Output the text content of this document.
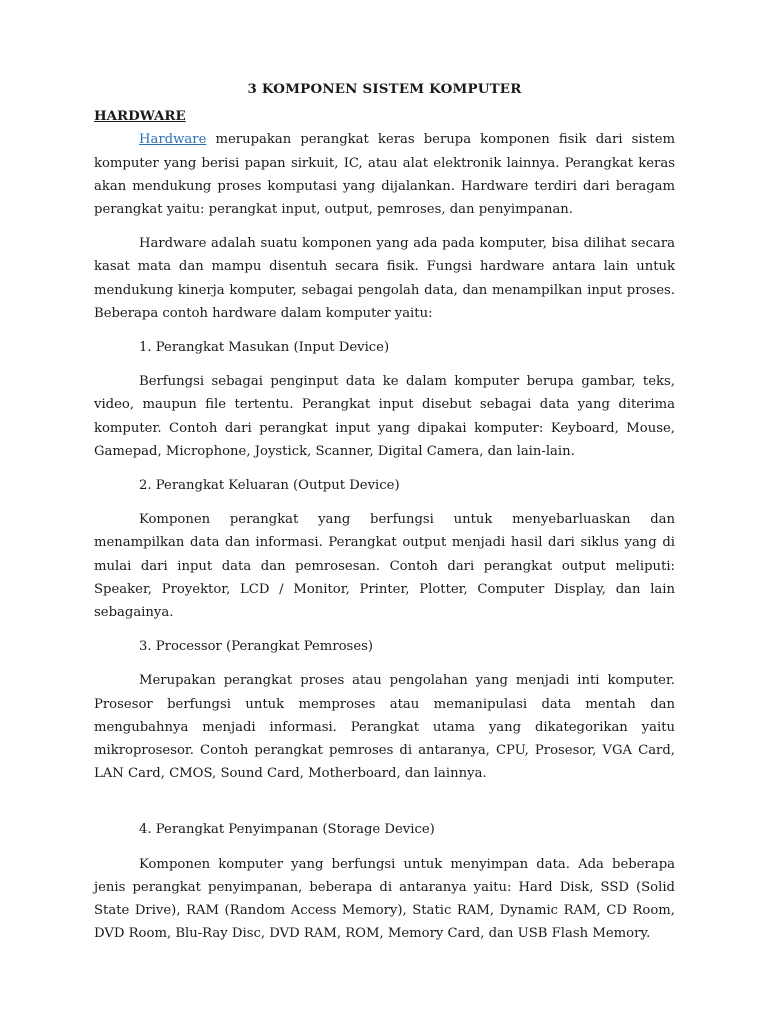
3 KOMPONEN SISTEM KOMPUTER
HARDWARE

Hardware merupakan perangkat keras berupa komponen fisik dari sistem komputer yang berisi papan sirkuit, IC, atau alat elektronik lainnya. Perangkat keras akan mendukung proses komputasi yang dijalankan. Hardware terdiri dari beragam perangkat yaitu: perangkat input, output, pemroses, dan penyimpanan.

Hardware adalah suatu komponen yang ada pada komputer, bisa dilihat secara kasat mata dan mampu disentuh secara fisik. Fungsi hardware antara lain untuk mendukung kinerja komputer, sebagai pengolah data, dan menampilkan input proses. Beberapa contoh hardware dalam komputer yaitu:

1. Perangkat Masukan (Input Device)

Berfungsi sebagai penginput data ke dalam komputer berupa gambar, teks, video, maupun file tertentu. Perangkat input disebut sebagai data yang diterima komputer. Contoh dari perangkat input yang dipakai komputer: Keyboard, Mouse, Gamepad, Microphone, Joystick, Scanner, Digital Camera, dan lain-lain.

2. Perangkat Keluaran (Output Device)

Komponen perangkat yang berfungsi untuk menyebarluaskan dan menampilkan data dan informasi. Perangkat output menjadi hasil dari siklus yang di mulai dari input data dan pemrosesan. Contoh dari perangkat output meliputi: Speaker, Proyektor, LCD / Monitor, Printer, Plotter, Computer Display, dan lain sebagainya.

3. Processor (Perangkat Pemroses)

Merupakan perangkat proses atau pengolahan yang menjadi inti komputer. Prosesor berfungsi untuk memproses atau memanipulasi data mentah dan mengubahnya menjadi informasi. Perangkat utama yang dikategorikan yaitu mikroprosesor. Contoh perangkat pemroses di antaranya, CPU, Prosesor, VGA Card, LAN Card, CMOS, Sound Card, Motherboard, dan lainnya.

4. Perangkat Penyimpanan (Storage Device)

Komponen komputer yang berfungsi untuk menyimpan data. Ada beberapa jenis perangkat penyimpanan, beberapa di antaranya yaitu: Hard Disk, SSD (Solid State Drive), RAM (Random Access Memory), Static RAM, Dynamic RAM, CD Room, DVD Room, Blu-Ray Disc, DVD RAM, ROM, Memory Card, dan USB Flash Memory.
